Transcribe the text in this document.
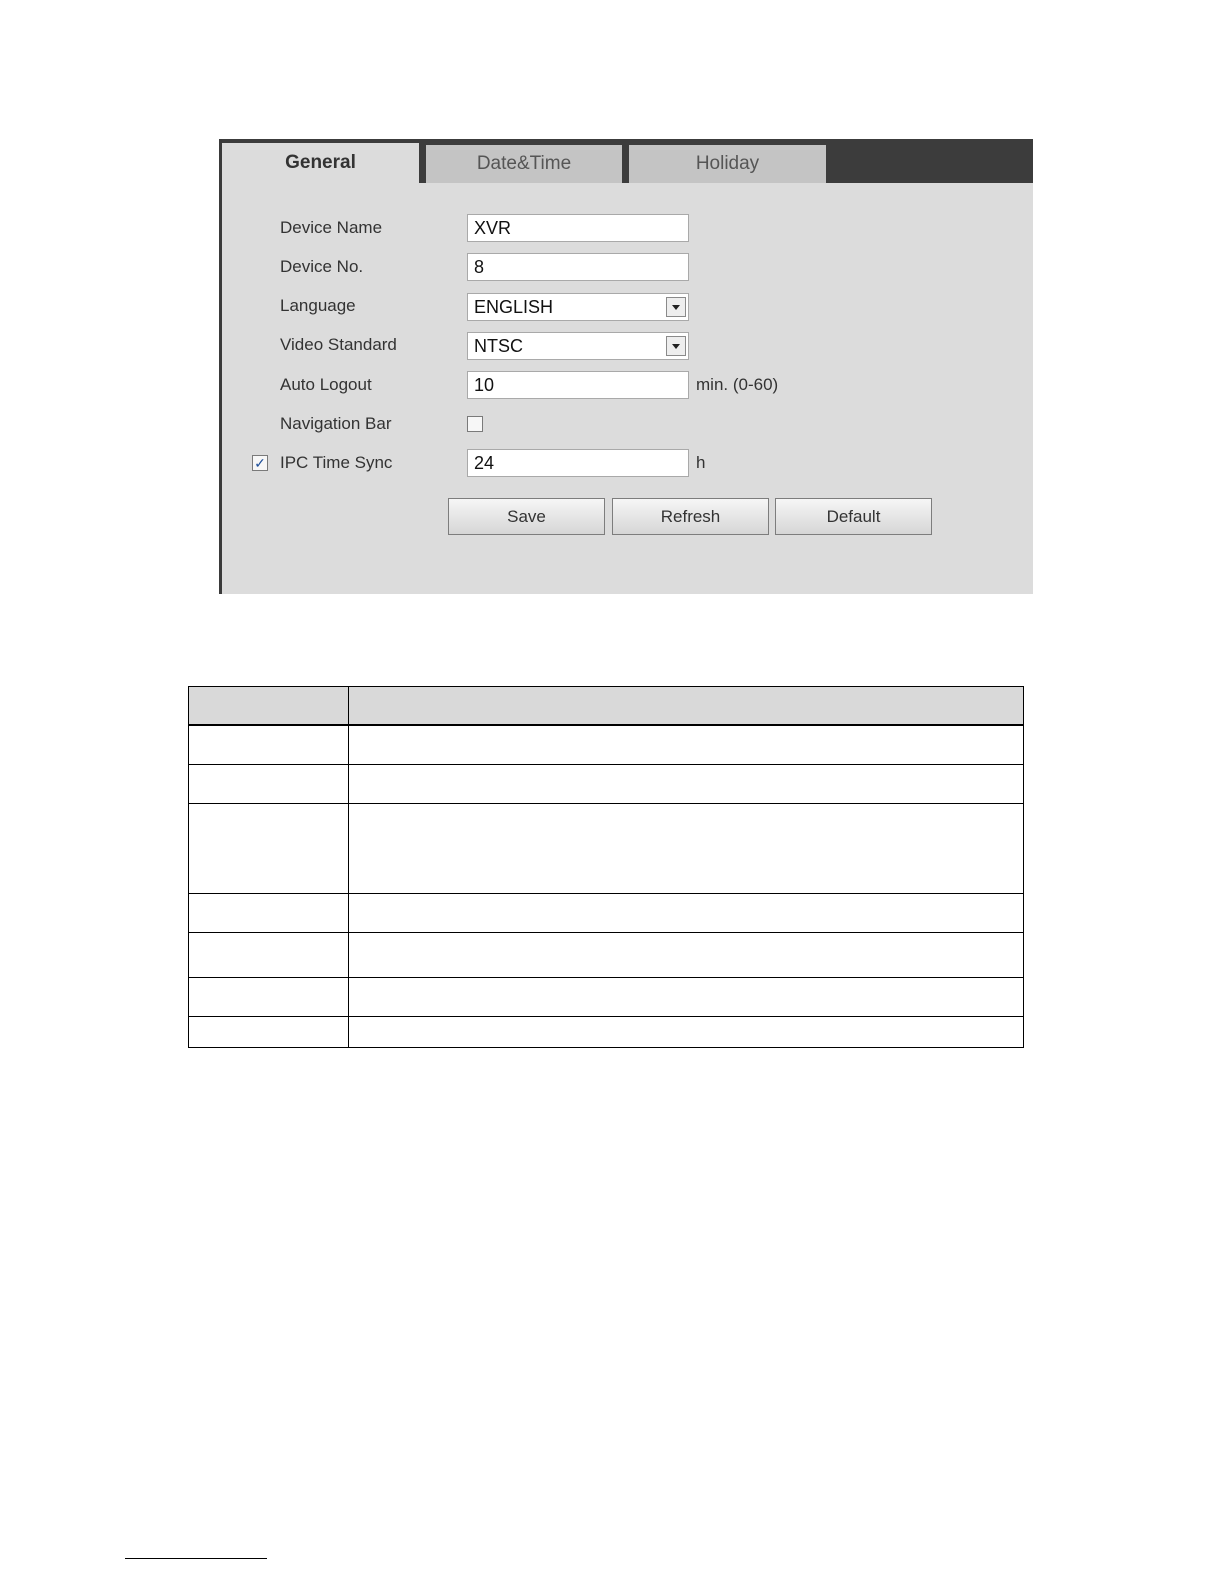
General	Date&Time	Holiday
Device Name	XVR
Device No.	8
Language	ENGLISH
Video Standard	NTSC
Auto Logout	10	min. (0-60)
Navigation Bar
✓ IPC Time Sync	24	h
Save	Refresh	Default
